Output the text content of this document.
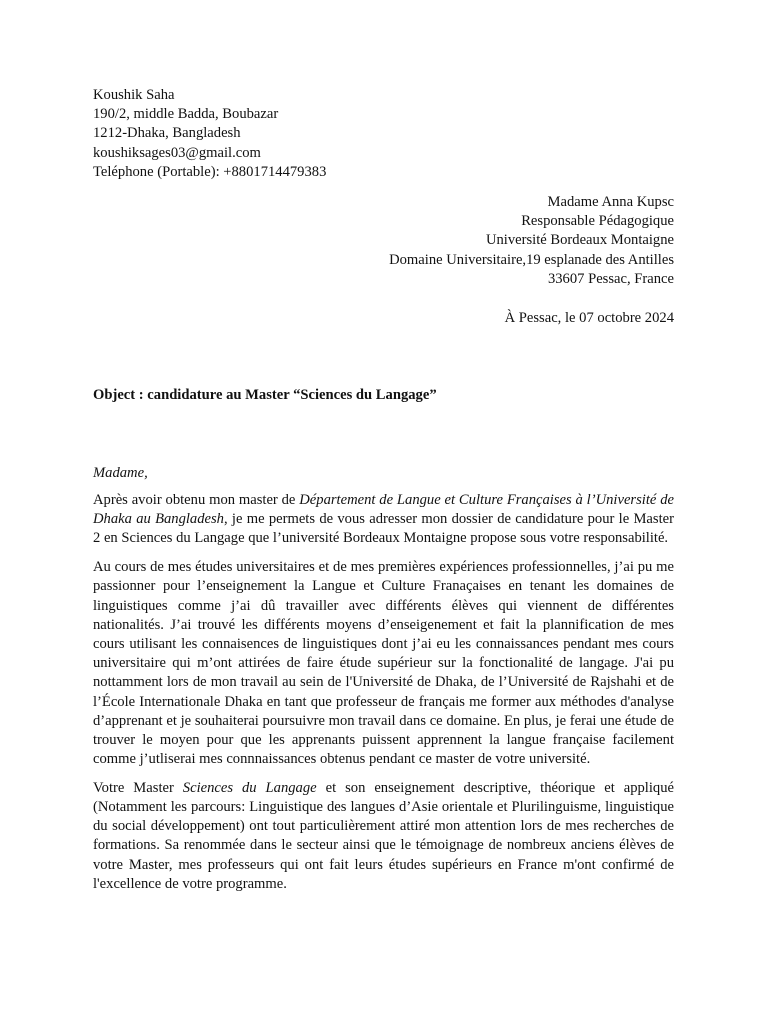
Koushik Saha
190/2, middle Badda, Boubazar
1212-Dhaka, Bangladesh
koushiksages03@gmail.com
Teléphone (Portable): +8801714479383
Madame Anna Kupsc
Responsable Pédagogique
Université Bordeaux Montaigne
Domaine Universitaire,19 esplanade des Antilles
33607 Pessac, France
À Pessac, le 07 octobre 2024
Object : candidature au Master “Sciences du Langage”
Madame,

Après avoir obtenu mon master de Département de Langue et Culture Françaises à l’Université de Dhaka au Bangladesh, je me permets de vous adresser mon dossier de candidature pour le Master 2 en Sciences du Langage que l’université Bordeaux Montaigne propose sous votre responsabilité.

Au cours de mes études universitaires et de mes premières expériences professionnelles, j’ai pu me passionner pour l’enseignement la Langue et Culture Franaçaises en tenant les domaines de linguistiques comme j’ai dû travailler avec différents élèves qui viennent de différentes nationalités. J’ai trouvé les différents moyens d’enseigenement et fait la plannification de mes cours utilisant les connaisences de linguistiques dont j’ai eu les connaissances pendant mes cours universitaire qui m’ont attirées de faire étude supérieur sur la fonctionalité de langage. J'ai pu nottamment lors de mon travail au sein de l'Université de Dhaka, de l’Université de Rajshahi et de l’École Internationale Dhaka en tant que professeur de français me former aux méthodes d'analyse d’apprenant et je souhaiterai poursuivre mon travail dans ce domaine. En plus, je ferai une étude de trouver le moyen pour que les apprenants puissent apprennent la langue française facilement comme j’utliserai mes connnaissances obtenus pendant ce master de votre université.

Votre Master Sciences du Langage et son enseignement descriptive, théorique et appliqué (Notamment les parcours: Linguistique des langues d’Asie orientale et Plurilinguisme, linguistique du social développement) ont tout particulièrement attiré mon attention lors de mes recherches de formations. Sa renommée dans le secteur ainsi que le témoignage de nombreux anciens élèves de votre Master, mes professeurs qui ont fait leurs études supérieurs en France m'ont confirmé de l'excellence de votre programme.
